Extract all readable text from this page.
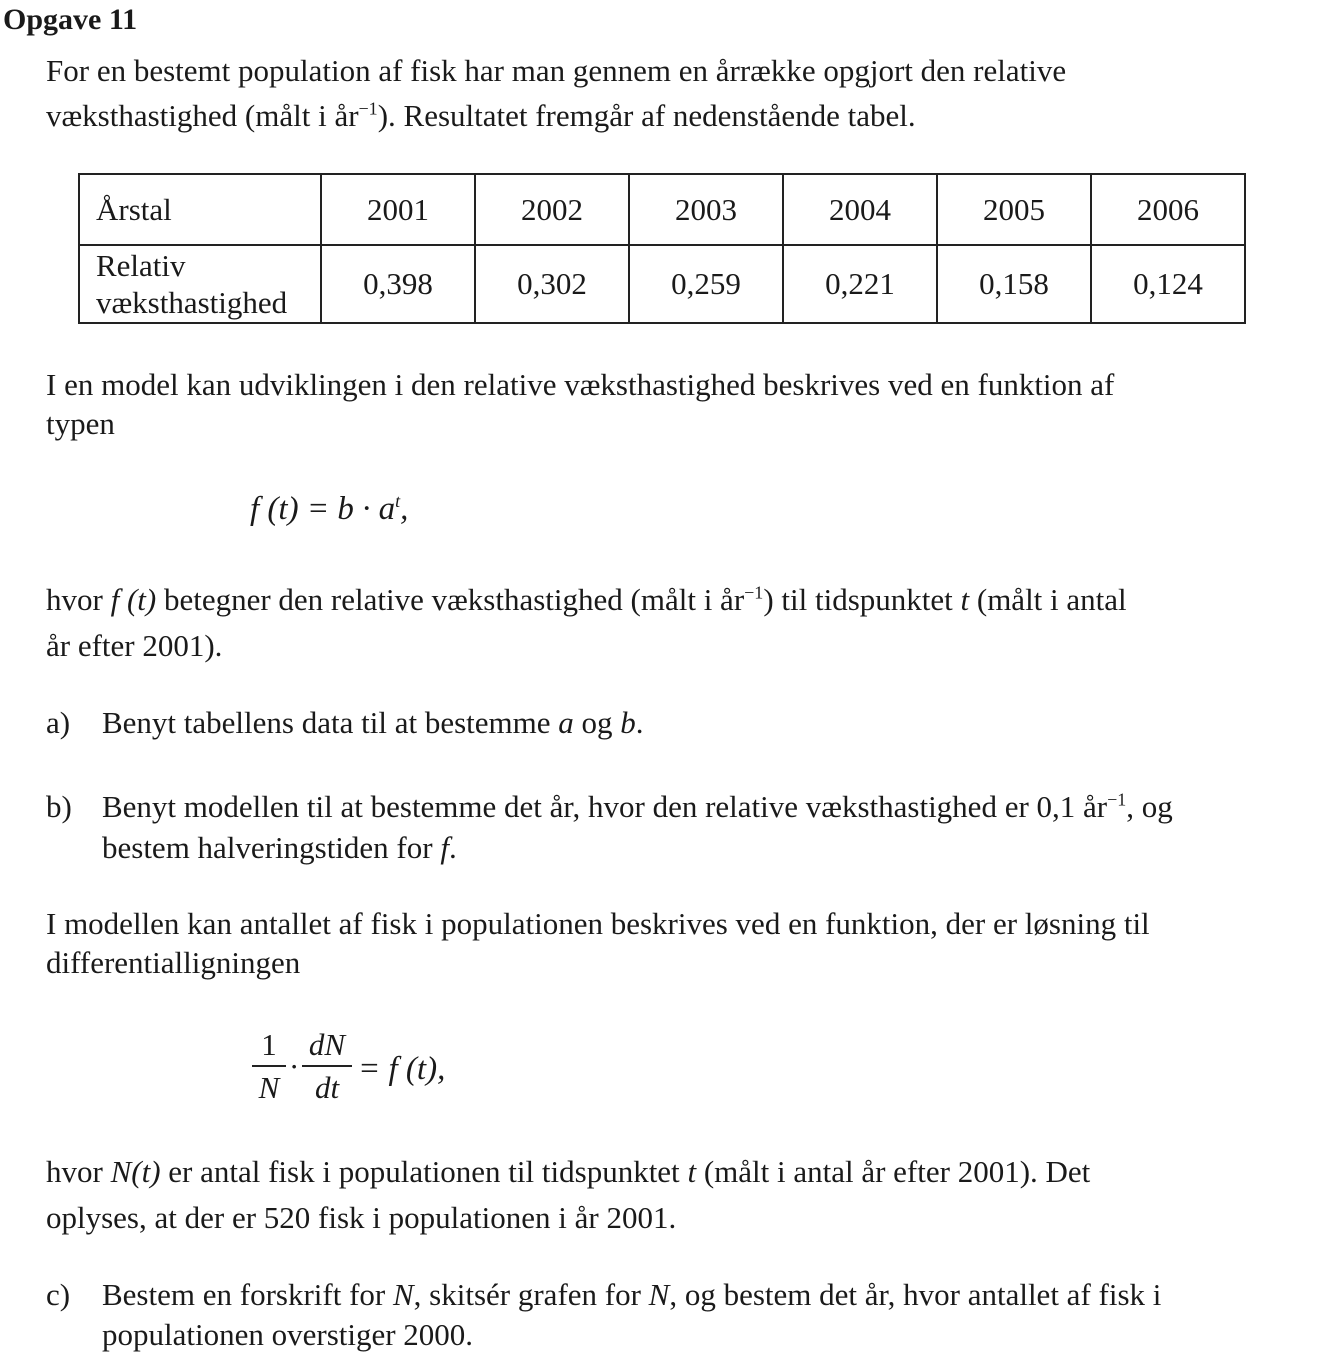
Opgave 11
For en bestemt population af fisk har man gennem en årrække opgjort den relative
væksthastighed (målt i $år^{-1}$). Resultatet fremgår af nedenstående tabel.
Årstal	2001	2002	2003	2004	2005	2006
Relativ
væksthastighed	0,398	0,302	0,259	0,221	0,158	0,124
I en model kan udviklingen i den relative væksthastighed beskrives ved en funktion af
typen
f $(t) = b \cdot a^t$,
hvor f (t) betegner den relative væksthastighed (målt i $år^{-1}$) til tidspunktet t (målt i antal
år efter 2001).
a) Benyt tabellens data til at bestemme a og b.
b) Benyt modellen til at bestemme det år, hvor den relative væksthastighed er 0,1 $år^{-1}$, og
bestem halveringstiden for f.
I modellen kan antallet af fisk i populationen beskrives ved en funktion, der er løsning til
differentialligningen
1
N
·
dN
dt
= f (t),
hvor N(t) er antal fisk i populationen til tidspunktet t (målt i antal år efter 2001). Det
oplyses, at der er 520 fisk i populationen i år 2001.
c) Bestem en forskrift for N, skitsér grafen for N, og bestem det år, hvor antallet af fisk i
populationen overstiger 2000.
